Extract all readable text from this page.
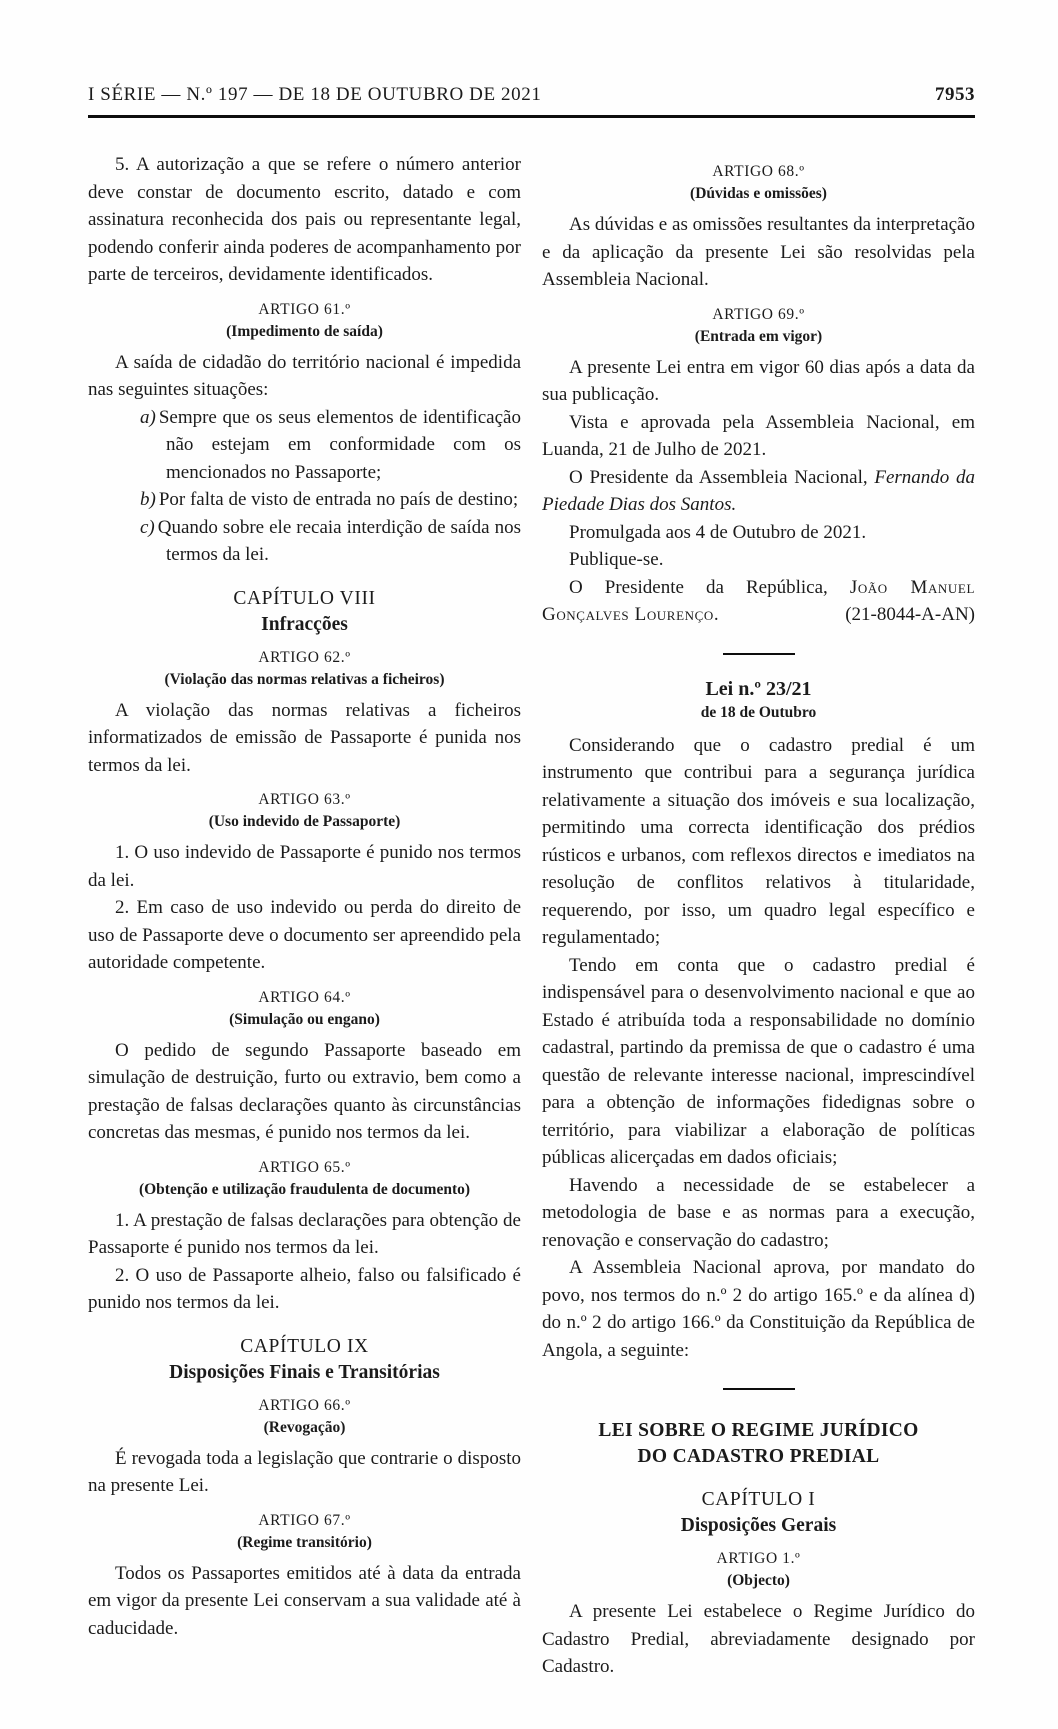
I SÉRIE — N.º 197 — DE 18 DE OUTUBRO DE 2021	7953

5. A autorização a que se refere o número anterior deve constar de documento escrito, datado e com assinatura reconhecida dos pais ou representante legal, podendo conferir ainda poderes de acompanhamento por parte de terceiros, devidamente identificados.

ARTIGO 61.º
(Impedimento de saída)

A saída de cidadão do território nacional é impedida nas seguintes situações:

a) Sempre que os seus elementos de identificação não estejam em conformidade com os mencionados no Passaporte;

b) Por falta de visto de entrada no país de destino;

c) Quando sobre ele recaia interdição de saída nos termos da lei.

CAPÍTULO VIII
Infracções
ARTIGO 62.º
(Violação das normas relativas a ficheiros)

A violação das normas relativas a ficheiros informatizados de emissão de Passaporte é punida nos termos da lei.

ARTIGO 63.º
(Uso indevido de Passaporte)

1. O uso indevido de Passaporte é punido nos termos da lei.

2. Em caso de uso indevido ou perda do direito de uso de Passaporte deve o documento ser apreendido pela autoridade competente.

ARTIGO 64.º
(Simulação ou engano)

O pedido de segundo Passaporte baseado em simulação de destruição, furto ou extravio, bem como a prestação de falsas declarações quanto às circunstâncias concretas das mesmas, é punido nos termos da lei.

ARTIGO 65.º
(Obtenção e utilização fraudulenta de documento)

1. A prestação de falsas declarações para obtenção de Passaporte é punido nos termos da lei.

2. O uso de Passaporte alheio, falso ou falsificado é punido nos termos da lei.

CAPÍTULO IX
Disposições Finais e Transitórias
ARTIGO 66.º
(Revogação)

É revogada toda a legislação que contrarie o disposto na presente Lei.

ARTIGO 67.º
(Regime transitório)

Todos os Passaportes emitidos até à data da entrada em vigor da presente Lei conservam a sua validade até à caducidade.

ARTIGO 68.º
(Dúvidas e omissões)

As dúvidas e as omissões resultantes da interpretação e da aplicação da presente Lei são resolvidas pela Assembleia Nacional.

ARTIGO 69.º
(Entrada em vigor)

A presente Lei entra em vigor 60 dias após a data da sua publicação.

Vista e aprovada pela Assembleia Nacional, em Luanda, 21 de Julho de 2021.

O Presidente da Assembleia Nacional, Fernando da Piedade Dias dos Santos.

Promulgada aos 4 de Outubro de 2021.

Publique-se.

O Presidente da República, João Manuel Gonçalves Lourenço.	(21-8044-A-AN)

Lei n.º 23/21
de 18 de Outubro

Considerando que o cadastro predial é um instrumento que contribui para a segurança jurídica relativamente a situação dos imóveis e sua localização, permitindo uma correcta identificação dos prédios rústicos e urbanos, com reflexos directos e imediatos na resolução de conflitos relativos à titularidade, requerendo, por isso, um quadro legal específico e regulamentado;

Tendo em conta que o cadastro predial é indispensável para o desenvolvimento nacional e que ao Estado é atribuída toda a responsabilidade no domínio cadastral, partindo da premissa de que o cadastro é uma questão de relevante interesse nacional, imprescindível para a obtenção de informações fidedignas sobre o território, para viabilizar a elaboração de políticas públicas alicerçadas em dados oficiais;

Havendo a necessidade de se estabelecer a metodologia de base e as normas para a execução, renovação e conservação do cadastro;

A Assembleia Nacional aprova, por mandato do povo, nos termos do n.º 2 do artigo 165.º e da alínea d) do n.º 2 do artigo 166.º da Constituição da República de Angola, a seguinte:

LEI SOBRE O REGIME JURÍDICO
DO CADASTRO PREDIAL
CAPÍTULO I
Disposições Gerais
ARTIGO 1.º
(Objecto)

A presente Lei estabelece o Regime Jurídico do Cadastro Predial, abreviadamente designado por Cadastro.
